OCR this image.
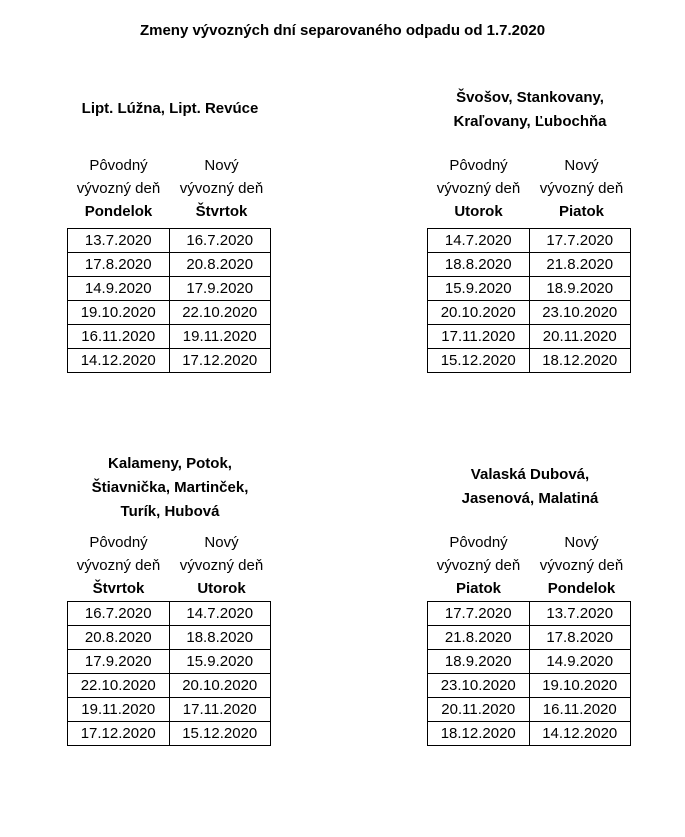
Zmeny vývozných dní separovaného odpadu od 1.7.2020
Lipt. Lúžna, Lipt. Revúce
Pôvodný
vývozný deň
Pondelok
Nový
vývozný deň
Štvrtok
13.7.2020	16.7.2020
17.8.2020	20.8.2020
14.9.2020	17.9.2020
19.10.2020	22.10.2020
16.11.2020	19.11.2020
14.12.2020	17.12.2020
Švošov, Stankovany,
Kraľovany, Ľubochňa
Pôvodný
vývozný deň
Utorok
Nový
vývozný deň
Piatok
14.7.2020	17.7.2020
18.8.2020	21.8.2020
15.9.2020	18.9.2020
20.10.2020	23.10.2020
17.11.2020	20.11.2020
15.12.2020	18.12.2020
Kalameny, Potok,
Štiavnička, Martinček,
Turík, Hubová
Pôvodný
vývozný deň
Štvrtok
Nový
vývozný deň
Utorok
16.7.2020	14.7.2020
20.8.2020	18.8.2020
17.9.2020	15.9.2020
22.10.2020	20.10.2020
19.11.2020	17.11.2020
17.12.2020	15.12.2020
Valaská Dubová,
Jasenová, Malatiná
Pôvodný
vývozný deň
Piatok
Nový
vývozný deň
Pondelok
17.7.2020	13.7.2020
21.8.2020	17.8.2020
18.9.2020	14.9.2020
23.10.2020	19.10.2020
20.11.2020	16.11.2020
18.12.2020	14.12.2020
